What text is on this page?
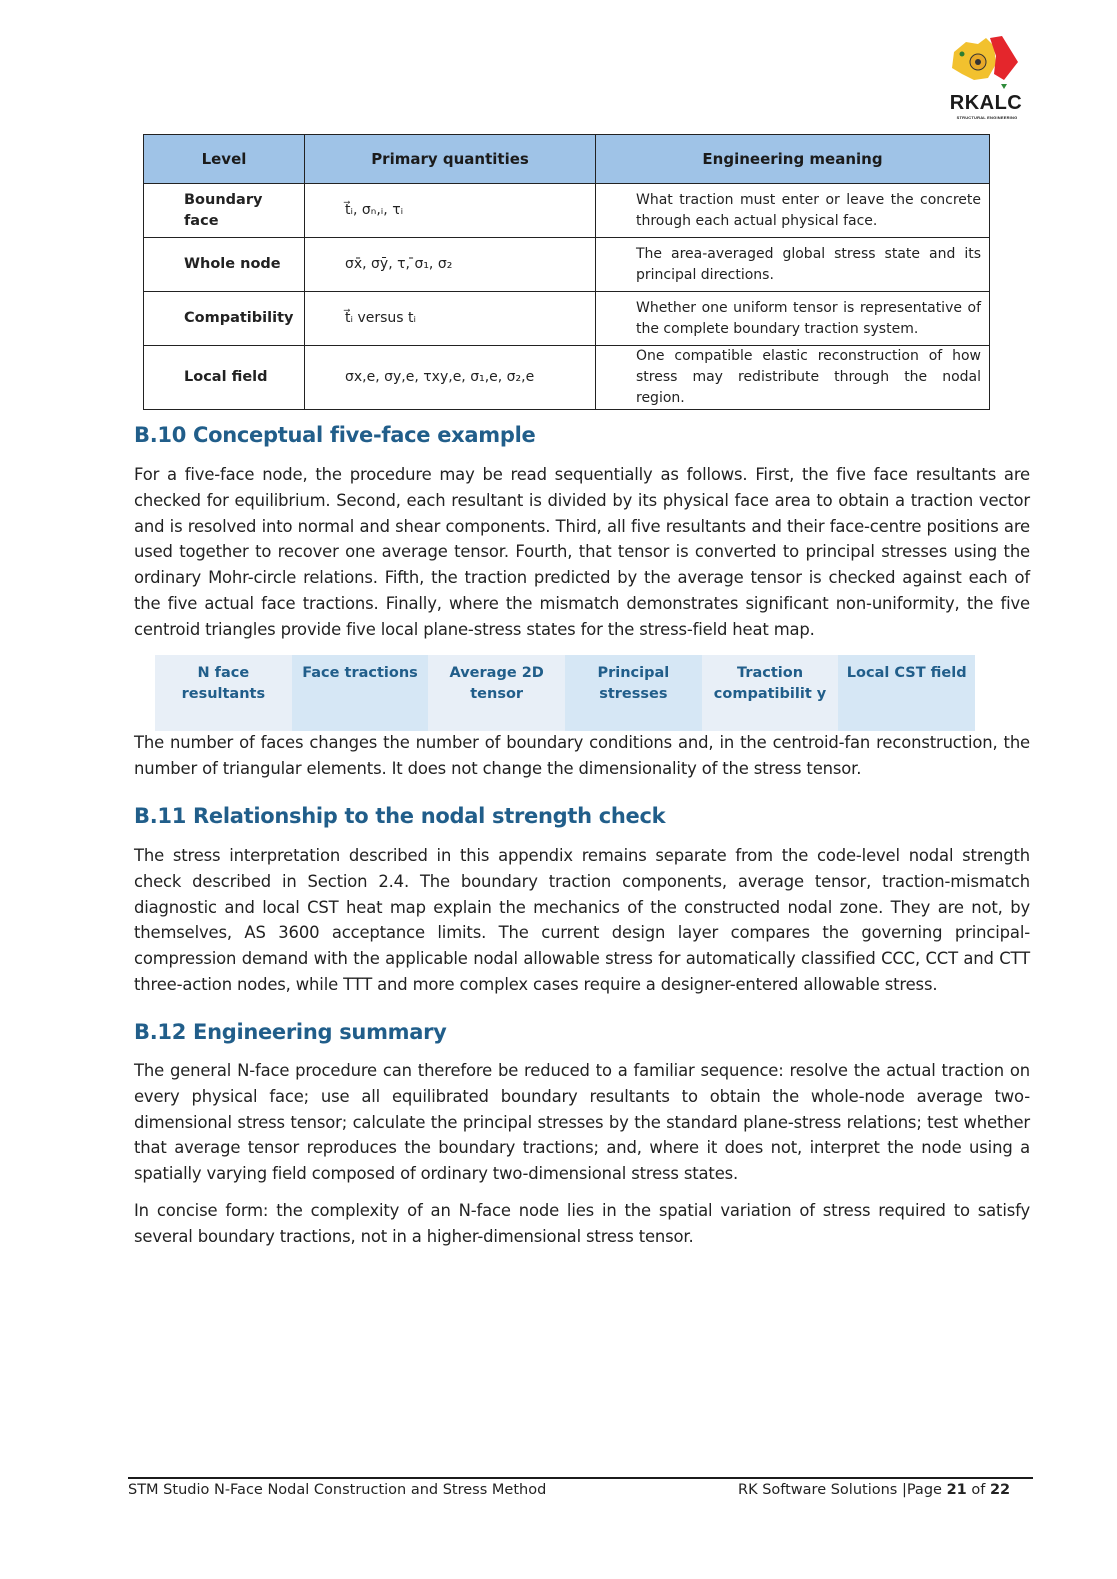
RKALC
STRUCTURAL ENGINEERING
Level	Primary quantities	Engineering meaning
Boundary face	t⃗ᵢ, σₙ,ᵢ, τᵢ	What traction must enter or leave the concrete through each actual physical face.
Whole node	σx̄, σȳ, τ, ̄σ₁, σ₂	The area-averaged global stress state and its principal directions.
Compatibility	t⃗ᵢ versus tᵢ	Whether one uniform tensor is representative of the complete boundary traction system.
Local field	σx,e, σy,e, τxy,e, σ₁,e, σ₂,e	One compatible elastic reconstruction of how stress may redistribute through the nodal region.
B.10 Conceptual five-face example

For a five-face node, the procedure may be read sequentially as follows. First, the five face resultants are checked for equilibrium. Second, each resultant is divided by its physical face area to obtain a traction vector and is resolved into normal and shear components. Third, all five resultants and their face-centre positions are used together to recover one average tensor. Fourth, that tensor is converted to principal stresses using the ordinary Mohr-circle relations. Fifth, the traction predicted by the average tensor is checked against each of the five actual face tractions. Finally, where the mismatch demonstrates significant non-uniformity, the five centroid triangles provide five local plane-stress states for the stress-field heat map.

N face resultants
Face tractions	Average 2D tensor
Principal stresses
Traction compatibilit y
Local CST field

The number of faces changes the number of boundary conditions and, in the centroid-fan reconstruction, the number of triangular elements. It does not change the dimensionality of the stress tensor.

B.11 Relationship to the nodal strength check

The stress interpretation described in this appendix remains separate from the code-level nodal strength check described in Section 2.4. The boundary traction components, average tensor, traction-mismatch diagnostic and local CST heat map explain the mechanics of the constructed nodal zone. They are not, by themselves, AS 3600 acceptance limits. The current design layer compares the governing principal-compression demand with the applicable nodal allowable stress for automatically classified CCC, CCT and CTT three-action nodes, while TTT and more complex cases require a designer-entered allowable stress.

B.12 Engineering summary

The general N-face procedure can therefore be reduced to a familiar sequence: resolve the actual traction on every physical face; use all equilibrated boundary resultants to obtain the whole-node average two-dimensional stress tensor; calculate the principal stresses by the standard plane-stress relations; test whether that average tensor reproduces the boundary tractions; and, where it does not, interpret the node using a spatially varying field composed of ordinary two-dimensional stress states.

In concise form: the complexity of an N-face node lies in the spatial variation of stress required to satisfy several boundary tractions, not in a higher-dimensional stress tensor.

STM Studio N-Face Nodal Construction and Stress Method	RK Software Solutions |Page 21 of 22
